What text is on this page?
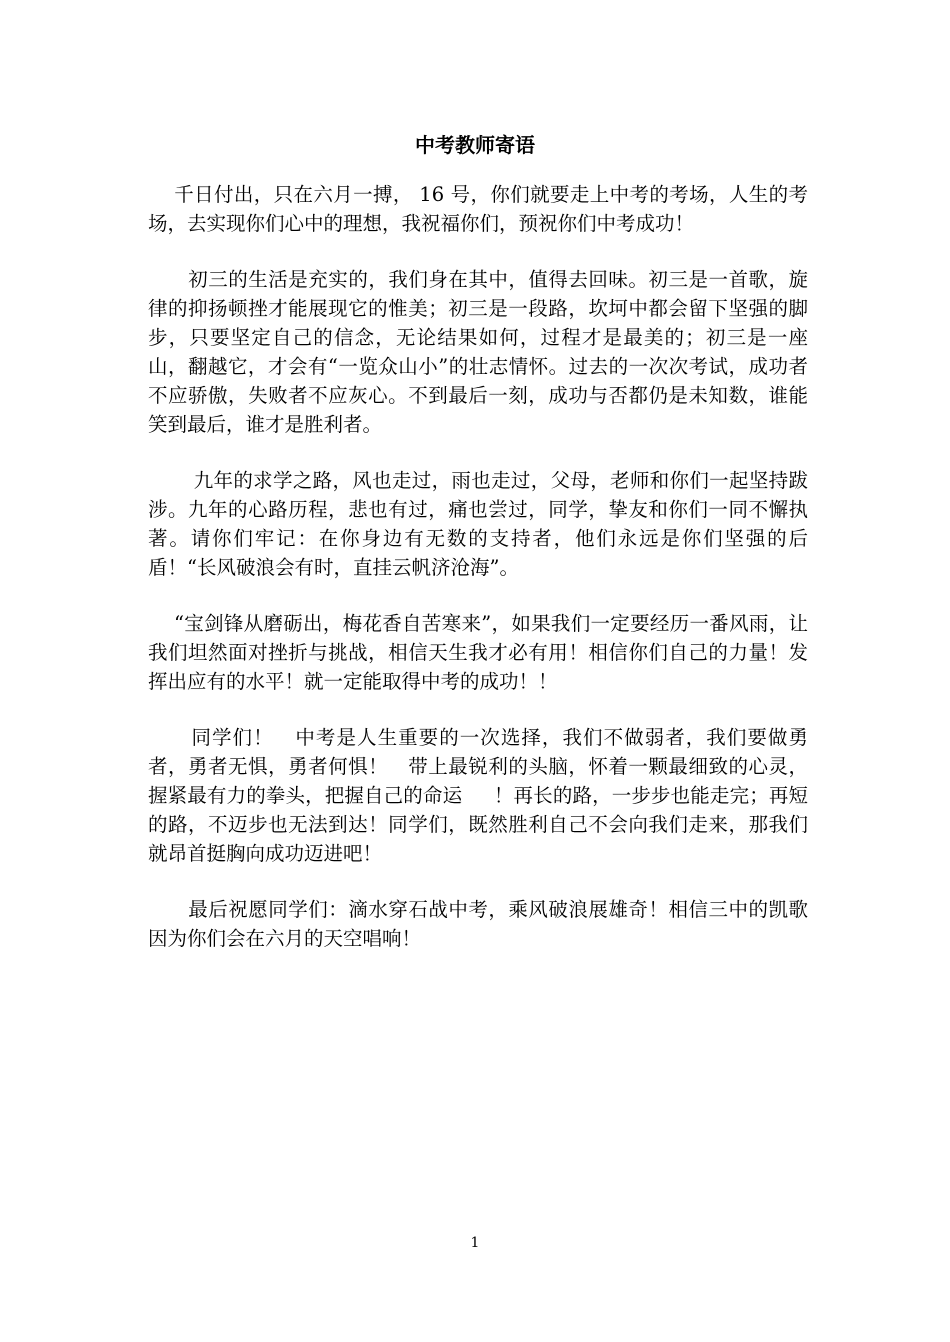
中考教师寄语

千日付出，只在六月一搏， 16 号，你们就要走上中考的考场，人生的考场，去实现你们心中的理想，我祝福你们，预祝你们中考成功！

初三的生活是充实的，我们身在其中，值得去回味。初三是一首歌，旋律的抑扬顿挫才能展现它的惟美；初三是一段路，坎坷中都会留下坚强的脚步，只要坚定自己的信念，无论结果如何，过程才是最美的；初三是一座山，翻越它，才会有“一览众山小”的壮志情怀。过去的一次次考试，成功者不应骄傲，失败者不应灰心。不到最后一刻，成功与否都仍是未知数，谁能笑到最后，谁才是胜利者。

九年的求学之路，风也走过，雨也走过，父母，老师和你们一起坚持跋涉。九年的心路历程，悲也有过，痛也尝过，同学，挚友和你们一同不懈执著。请你们牢记：在你身边有无数的支持者，他们永远是你们坚强的后盾！“长风破浪会有时，直挂云帆济沧海”。

“宝剑锋从磨砺出，梅花香自苦寒来”，如果我们一定要经历一番风雨，让我们坦然面对挫折与挑战，相信天生我才必有用！相信你们自己的力量！发挥出应有的水平！就一定能取得中考的成功！！

同学们！   中考是人生重要的一次选择，我们不做弱者，我们要做勇者，勇者无惧，勇者何惧！   带上最锐利的头脑，怀着一颗最细致的心灵，握紧最有力的拳头，把握自己的命运     ！再长的路，一步步也能走完；再短的路，不迈步也无法到达！同学们，既然胜利自己不会向我们走来，那我们就昂首挺胸向成功迈进吧！

最后祝愿同学们：滴水穿石战中考，乘风破浪展雄奇！相信三中的凯歌因为你们会在六月的天空唱响！

1
